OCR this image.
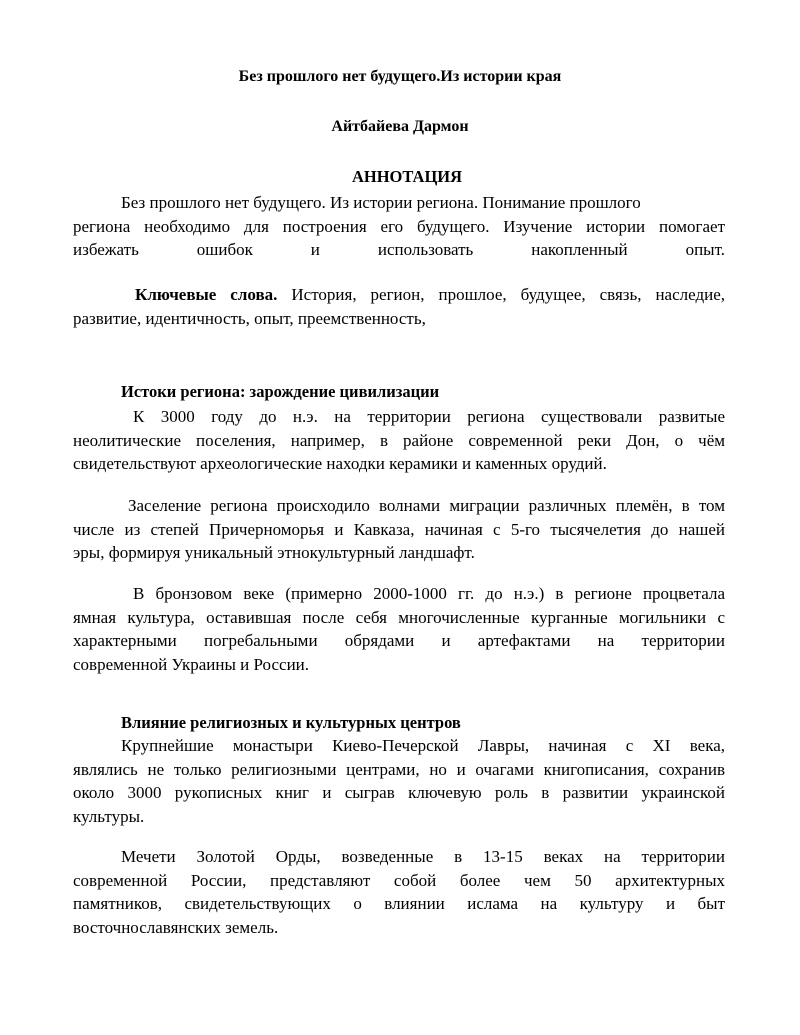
Без прошлого нет будущего.Из истории края
Айтбайева Дармон
АННОТАЦИЯ
Без прошлого нет будущего. Из истории региона. Понимание прошлого
региона необходимо для построения его будущего. Изучение истории помогает
избежать ошибок и использовать накопленный опыт.
Ключевые слова. История, регион, прошлое, будущее, связь, наследие,
развитие, идентичность, опыт, преемственность,
Истоки региона: зарождение цивилизации
К 3000 году до н.э. на территории региона существовали развитые
неолитические поселения, например, в районе современной реки Дон, о чём
свидетельствуют археологические находки керамики и каменных орудий.
Заселение региона происходило волнами миграции различных племён, в том
числе из степей Причерноморья и Кавказа, начиная с 5-го тысячелетия до нашей
эры, формируя уникальный этнокультурный ландшафт.
В бронзовом веке (примерно 2000-1000 гг. до н.э.) в регионе процветала
ямная культура, оставившая после себя многочисленные курганные могильники с
характерными погребальными обрядами и артефактами на территории
современной Украины и России.
Влияние религиозных и культурных центров
Крупнейшие монастыри Киево-Печерской Лавры, начиная с XI века,
являлись не только религиозными центрами, но и очагами книгописания, сохранив
около 3000 рукописных книг и сыграв ключевую роль в развитии украинской
культуры.
Мечети Золотой Орды, возведенные в 13-15 веках на территории
современной России, представляют собой более чем 50 архитектурных
памятников, свидетельствующих о влиянии ислама на культуру и быт
восточнославянских земель.
